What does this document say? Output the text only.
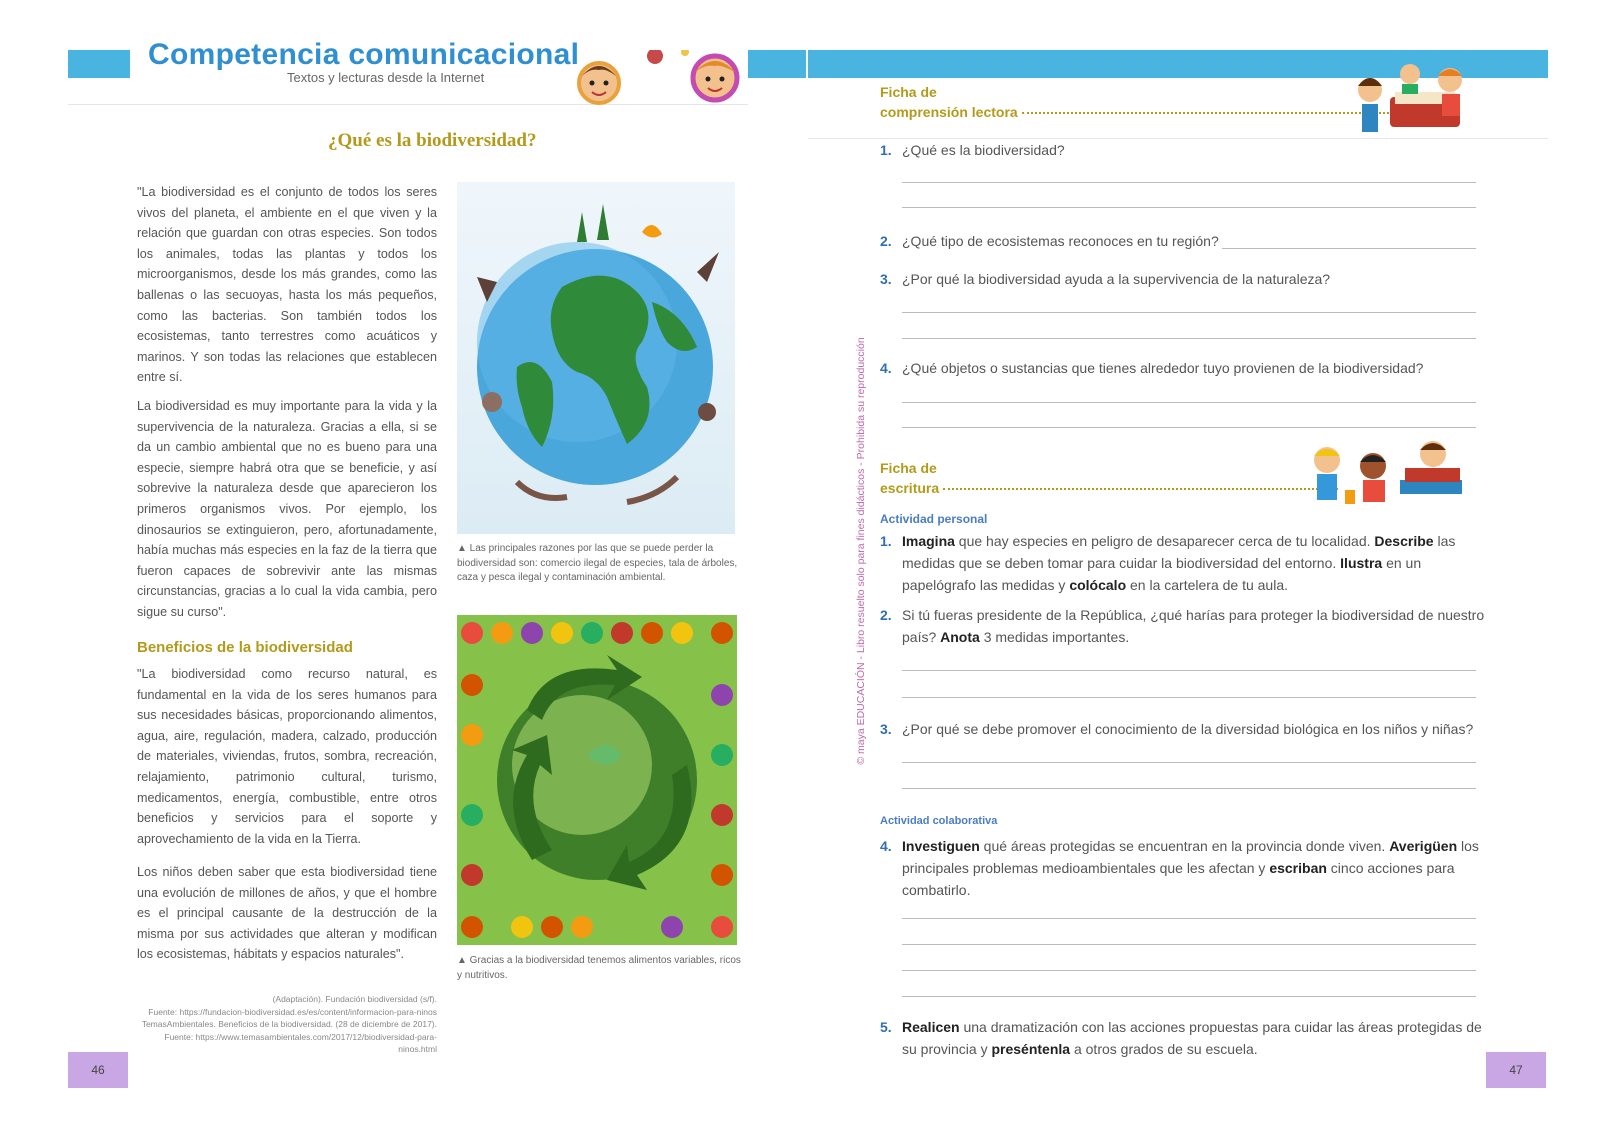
Competencia comunicacional
Textos y lecturas desde la Internet
¿Qué es la biodiversidad?

"La biodiversidad es el conjunto de todos los seres vivos del planeta, el ambiente en el que viven y la relación que guardan con otras especies. Son todos los animales, todas las plantas y todos los microorganismos, desde los más grandes, como las ballenas o las secuoyas, hasta los más pequeños, como las bacterias. Son también todos los ecosistemas, tanto terrestres como acuáticos y marinos. Y son todas las relaciones que establecen entre sí.

La biodiversidad es muy importante para la vida y la supervivencia de la naturaleza. Gracias a ella, si se da un cambio ambiental que no es bueno para una especie, siempre habrá otra que se beneficie, y así sobrevive la naturaleza desde que aparecieron los primeros organismos vivos. Por ejemplo, los dinosaurios se extinguieron, pero, afortunadamente, había muchas más especies en la faz de la tierra que fueron capaces de sobrevivir ante las mismas circunstancias, gracias a lo cual la vida cambia, pero sigue su curso".

Beneficios de la biodiversidad

"La biodiversidad como recurso natural, es fundamental en la vida de los seres humanos para sus necesidades básicas, proporcionando alimentos, agua, aire, regulación, madera, calzado, producción de materiales, viviendas, frutos, sombra, recreación, relajamiento, patrimonio cultural, turismo, medicamentos, energía, combustible, entre otros beneficios y servicios para el soporte y aprovechamiento de la vida en la Tierra.

Los niños deben saber que esta biodiversidad tiene una evolución de millones de años, y que el hombre es el principal causante de la destrucción de la misma por sus actividades que alteran y modifican los ecosistemas, hábitats y espacios naturales".

(Adaptación). Fundación biodiversidad (s/f).
Fuente: https://fundacion-biodiversidad.es/es/content/informacion-para-ninos
TemasAmbientales. Beneficios de la biodiversidad. (28 de diciembre de 2017).
Fuente: https://www.temasambientales.com/2017/12/biodiversidad-para-
ninos.html

▲ Las principales razones por las que se puede perder la biodiversidad son: comercio ilegal de especies, tala de árboles, caza y pesca ilegal y contaminación ambiental.

▲ Gracias a la biodiversidad tenemos alimentos variables, ricos y nutritivos.

46
© maya EDUCACIÓN - Libro resuelto solo para fines didácticos - Prohibida su reproducción
Ficha de
comprensión lectora
1. ¿Qué es la biodiversidad?
2. ¿Qué tipo de ecosistemas reconoces en tu región?
3. ¿Por qué la biodiversidad ayuda a la supervivencia de la naturaleza?
4. ¿Qué objetos o sustancias que tienes alrededor tuyo provienen de la biodiversidad?
Ficha de
escritura
Actividad personal
1. Imagina que hay especies en peligro de desaparecer cerca de tu localidad. Describe las medidas que se deben tomar para cuidar la biodiversidad del entorno. Ilustra en un papelógrafo las medidas y colócalo en la cartelera de tu aula.
2. Si tú fueras presidente de la República, ¿qué harías para proteger la biodiversidad de nuestro país? Anota 3 medidas importantes.
3. ¿Por qué se debe promover el conocimiento de la diversidad biológica en los niños y niñas?
Actividad colaborativa
4. Investiguen qué áreas protegidas se encuentran en la provincia donde viven. Averigüen los principales problemas medioambientales que les afectan y escriban cinco acciones para combatirlo.
5. Realicen una dramatización con las acciones propuestas para cuidar las áreas protegidas de su provincia y preséntenla a otros grados de su escuela.
47
